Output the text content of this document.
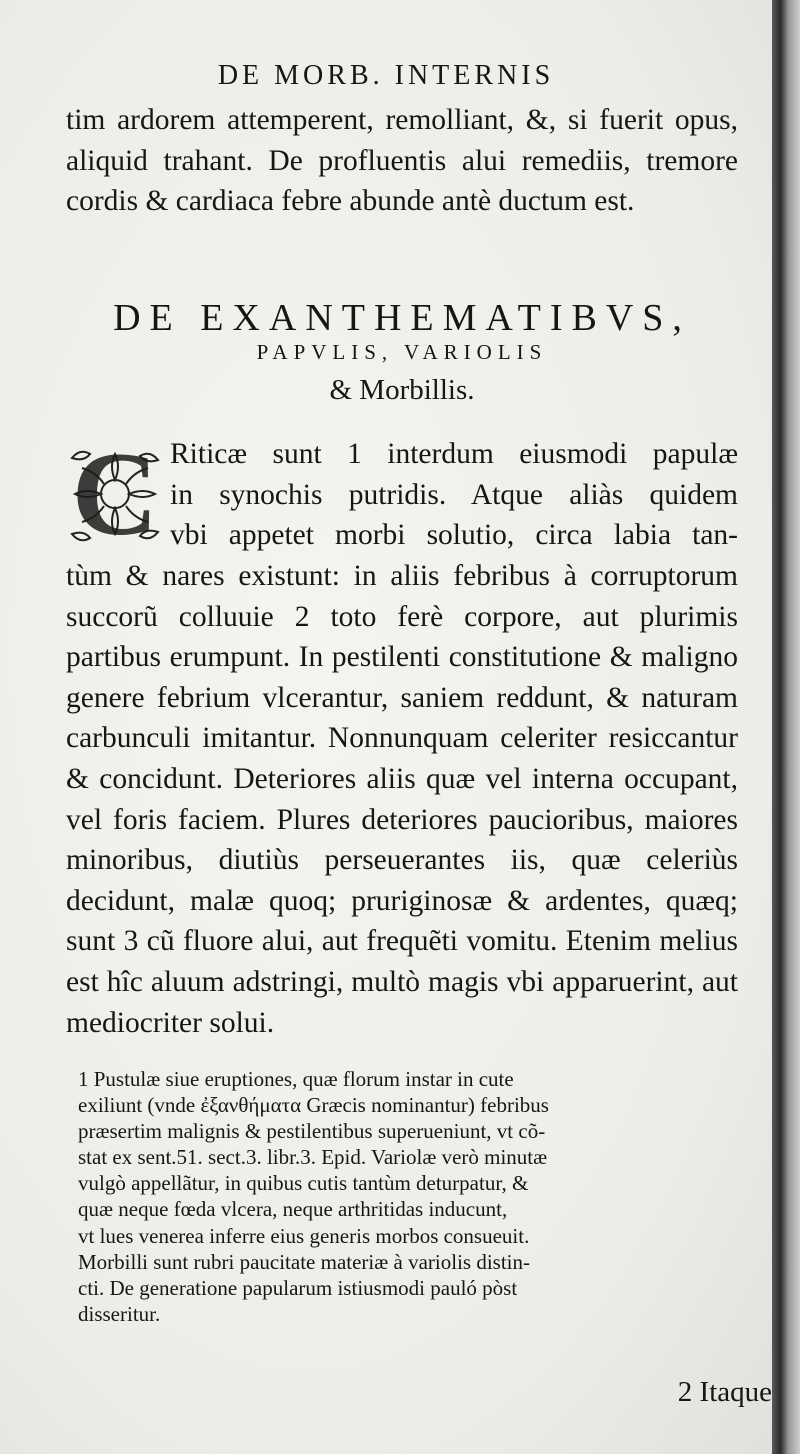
DE MORB. INTERNIS
tim ardorem attemperent, remolliant, &, si fuerit opus, aliquid trahant. De profluentis alui remediis, tremore cordis & cardiaca febre abunde antè ductum est.
DE EXANTHEMATIBVS,
PAPVLIS, VARIOLIS
& Morbillis.
C Riticæ sunt 1 interdum eiusmodi papulæ
in synochis putridis. Atque aliàs quidem
vbi appetet morbi solutio, circa labia tan-
tùm & nares existunt: in aliis febribus à corruptorum succorũ colluuie 2 toto ferè corpore, aut plurimis partibus erumpunt. In pestilenti constitutione & maligno genere febrium vlcerantur, saniem reddunt, & naturam carbunculi imitantur. Nonnunquam celeriter resiccantur & concidunt. Deteriores aliis quæ vel interna occupant, vel foris faciem. Plures deteriores paucioribus, maiores minoribus, diutiùs perseuerantes iis, quæ celeriùs decidunt, malæ quoq; pruriginosæ & ardentes, quæq; sunt 3 cũ fluore alui, aut frequẽti vomitu. Etenim melius est hîc aluum adstringi, multò magis vbi apparuerint, aut mediocriter solui.
1 Pustulæ siue eruptiones, quæ florum instar in cute
exiliunt (vnde ἐξανθήματα Græcis nominantur) febribus
præsertim malignis & pestilentibus superueniunt, vt cõ-
stat ex sent.51. sect.3. libr.3. Epid. Variolæ verò minutæ
vulgò appellãtur, in quibus cutis tantùm deturpatur, &
quæ neque fœda vlcera, neque arthritidas inducunt,
vt lues venerea inferre eius generis morbos consueuit.
Morbilli sunt rubri paucitate materiæ à variolis distin-
cti. De generatione papularum istiusmodi pauló pòst
disseritur.
2 Itaque
